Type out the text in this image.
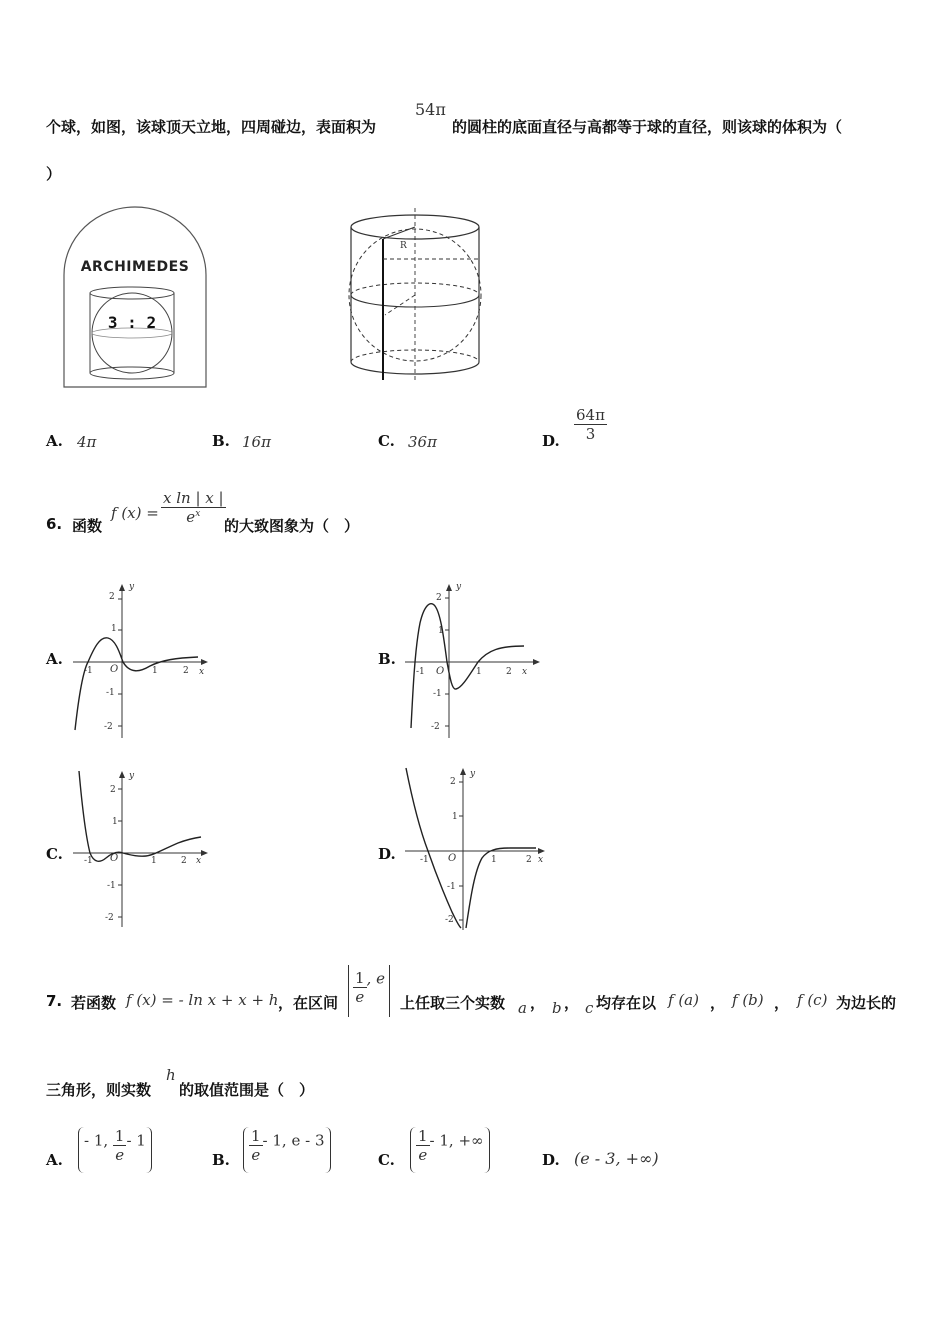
个球，如图，该球顶天立地，四周碰边，表面积为
54π
的圆柱的底面直径与高都等于球的直径，则该球的体积为（
）
ARCHIMEDES
3 : 2
R
A. 4π	B. 16π	C. 36π	D. $\frac{64\pi}{3}$
6. 函数
f $(x) = \frac{\text{x ln | x |}}{e^x}$
的大致图象为（　）
A.
2
1
-1
-2
-1	1	2
O	x
y
B.
2
1
-1
-2
-1	1	2
O	x
y
C.
2
1
-1
-2
-1	1	2
O	x
y
D.
2
1
-1
-2
-1	1	2
O	x
y
7. 若函数 f (x) = - ln x + x + h ，在区间 $\frac{1}{e}$ , e
上任取三个实数 a ， b ， c 均存在以 f (a) ， f (b) ， f (c) 为边长的
三角形，则实数
h
的取值范围是（　）
A.
- 1, $\frac{1}{e} - 1$
B. $\frac{1}{e} - 1$, e - 3
C. $\frac{1}{e} - 1$, +∞
D. (e - 3, +∞)
